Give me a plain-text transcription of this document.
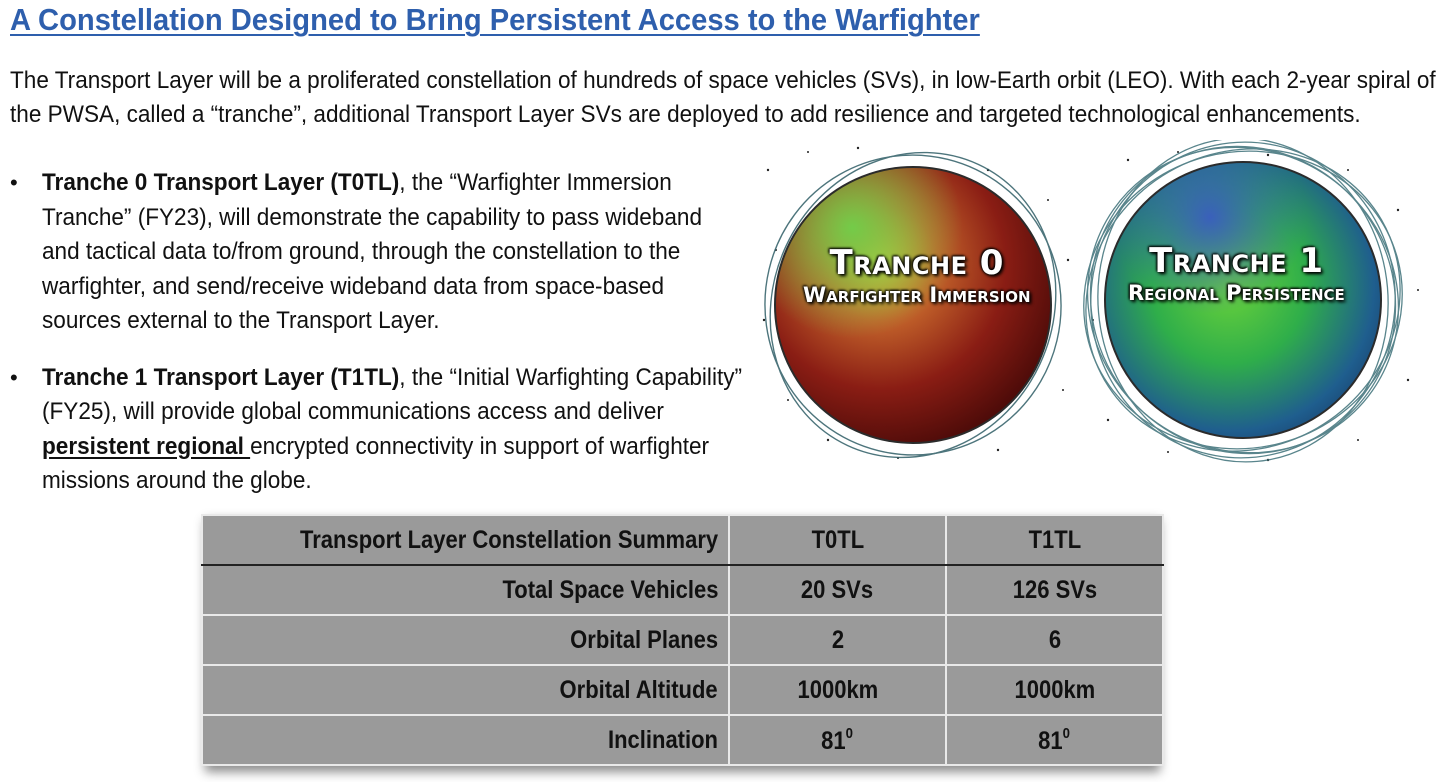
A Constellation Designed to Bring Persistent Access to the Warfighter

The Transport Layer will be a proliferated constellation of hundreds of space vehicles (SVs), in low-Earth orbit (LEO). With each 2-year spiral of
the PWSA, called a “tranche”, additional Transport Layer SVs are deployed to add resilience and targeted technological enhancements.

• Tranche 0 Transport Layer (T0TL), the “Warfighter Immersion
Tranche” (FY23), will demonstrate the capability to pass wideband
and tactical data to/from ground, through the constellation to the
warfighter, and send/receive wideband data from space-based
sources external to the Transport Layer.
• Tranche 1 Transport Layer (T1TL), the “Initial Warfighting Capability”
(FY25), will provide global communications access and deliver
persistent regional encrypted connectivity in support of warfighter
missions around the globe.
Tranche 0
Warfighter Immersion
Tranche 1
Regional Persistence
Transport Layer Constellation Summary	T0TL	T1TL
Total Space Vehicles	20 SVs	126 SVs
Orbital Planes	2	6
Orbital Altitude	1000km	1000km
Inclination	$81^0$	$81^0$
